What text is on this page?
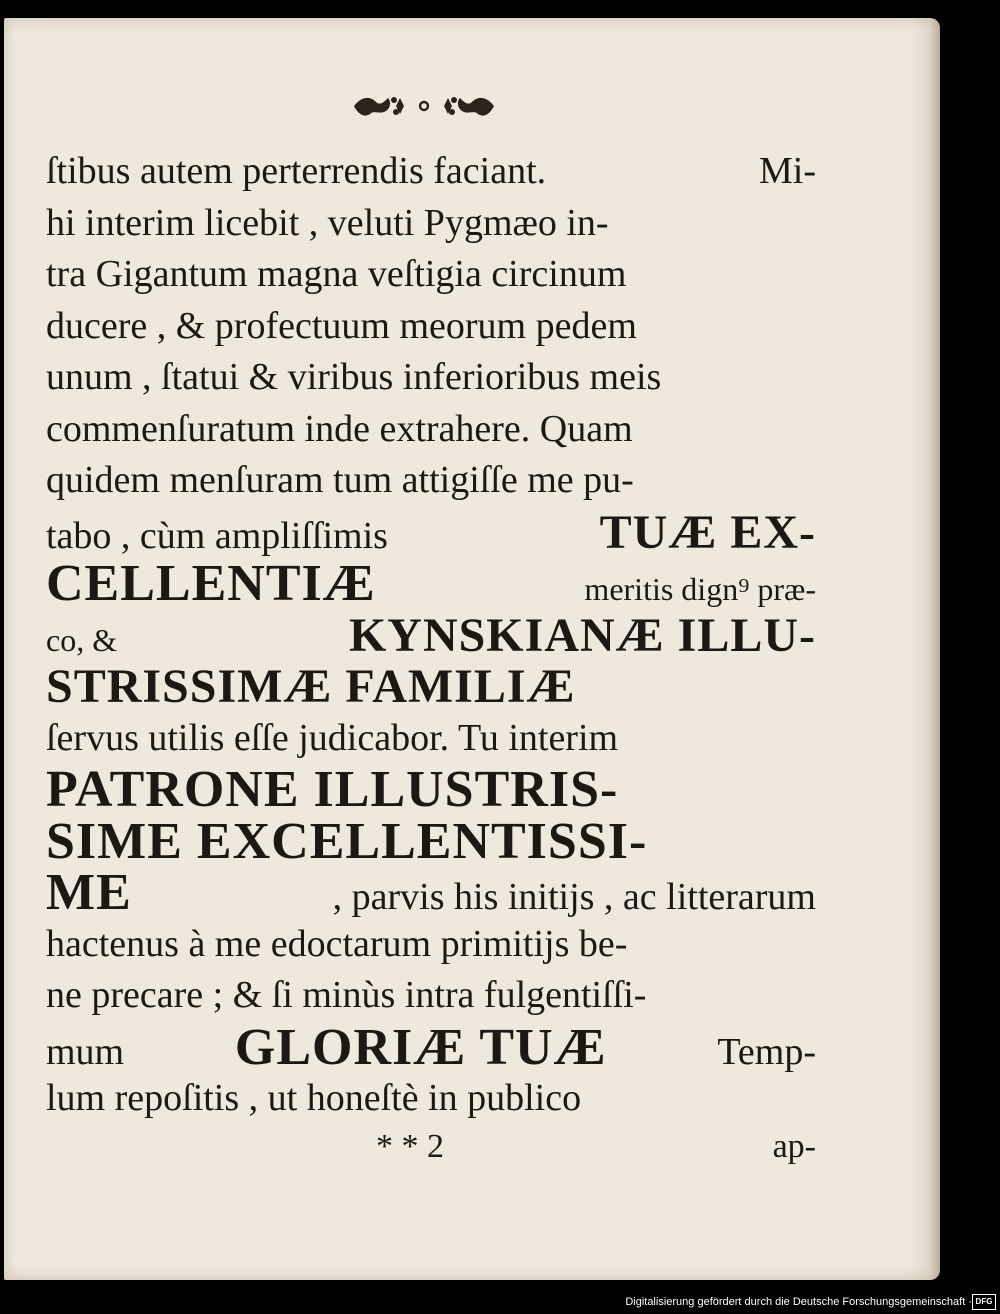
ſtibus autem perterrendis faciant.	Mi-
hi interim licebit , veluti Pygmæo in-
tra Gigantum magna veſtigia circinum
ducere , & profectuum meorum pedem
unum , ſtatui & viribus inferioribus meis
commenſuratum inde extrahere. Quam
quidem menſuram tum attigiſſe me pu-
tabo , cùm ampliſſimis	TUÆ EX-
CELLENTIÆ	meritis dign⁹ præ-
co, &	KYNSKIANÆ ILLU-
STRISSIMÆ FAMILIÆ
ſervus utilis eſſe judicabor. Tu interim
PATRONE ILLUSTRIS-
SIME EXCELLENTISSI-
ME	, parvis his initijs , ac litterarum
hactenus à me edoctarum primitijs be-
ne precare ; & ſi minùs intra fulgentiſſi-
mum GLORIÆ TUÆ	Temp-
lum repoſitis , ut honeſtè in publico
* * 2	ap-
Digitalisierung gefördert durch die Deutsche Forschungsgemeinschaft · DFG
